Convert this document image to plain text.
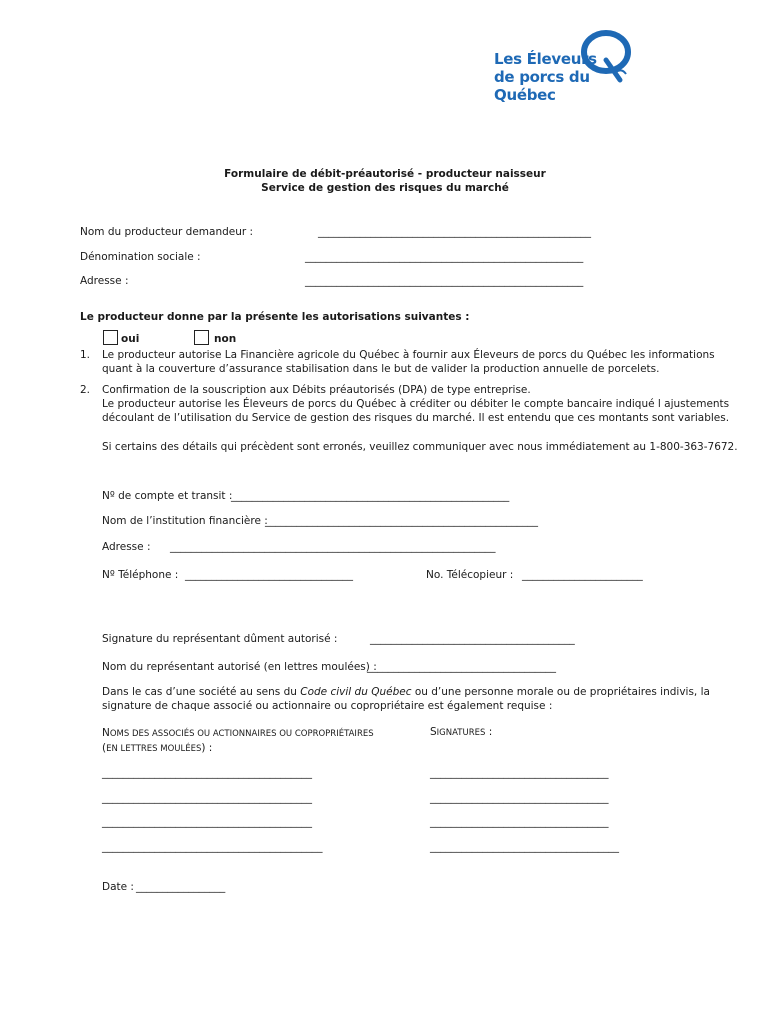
Les Éleveurs
de porcs du Québec
Formulaire de débit-préautorisé - producteur naisseur
Service de gestion des risques du marché
Nom du producteur demandeur :	____________________________________________________
Dénomination sociale :	_____________________________________________________
Adresse :	_____________________________________________________
Le producteur donne par la présente les autorisations suivantes :
oui	non
1. Le producteur autorise La Financière agricole du Québec à fournir aux Éleveurs de porcs du Québec les informations
quant à la couverture d’assurance stabilisation dans le but de valider la production annuelle de porcelets.
2. Confirmation de la souscription aux Débits préautorisés (DPA) de type entreprise.
Le producteur autorise les Éleveurs de porcs du Québec à créditer ou débiter le compte bancaire indiqué l ajustements
découlant de l’utilisation du Service de gestion des risques du marché. Il est entendu que ces montants sont variables.
Si certains des détails qui précèdent sont erronés, veuillez communiquer avec nous immédiatement au 1-800-363-7672.
Nº de compte et transit :
_____________________________________________________
Nom de l’institution financière :
____________________________________________________
Adresse : ______________________________________________________________
Nº Téléphone : ________________________________	No. Télécopieur : _______________________
Signature du représentant dûment autorisé :	_______________________________________
Nom du représentant autorisé (en lettres moulées) :
____________________________________
Dans le cas d’une société au sens du Code civil du Québec ou d’une personne morale ou de propriétaires indivis, la
signature de chaque associé ou actionnaire ou copropriétaire est également requise :
NOMS DES ASSOCIÉS OU ACTIONNAIRES OU COPROPRIÉTAIRES
(EN LETTRES MOULÉES) :
SIGNATURES :
________________________________________	__________________________________
________________________________________	__________________________________
________________________________________	__________________________________
__________________________________________	____________________________________
Date : _________________
